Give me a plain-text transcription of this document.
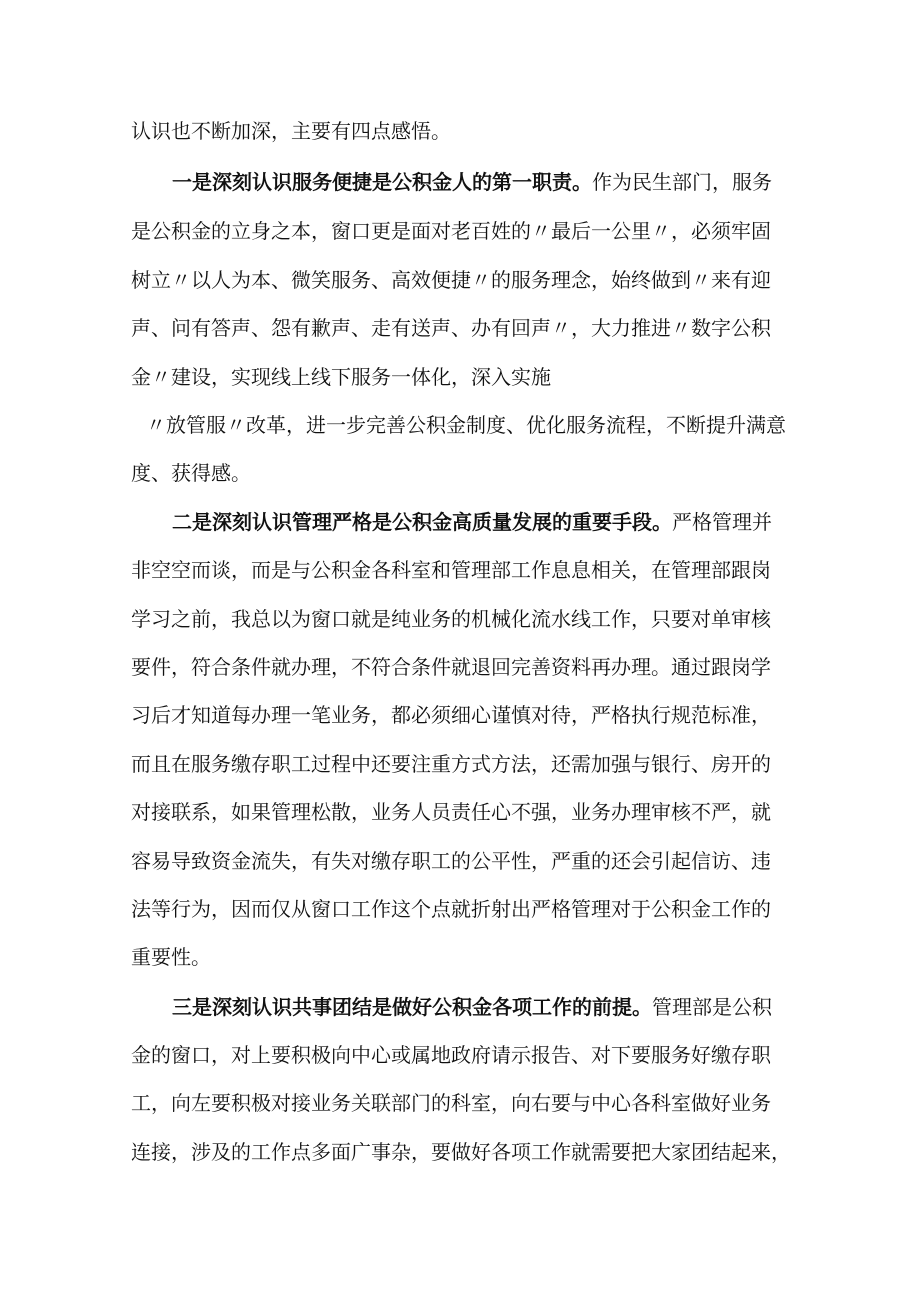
认识也不断加深，主要有四点感悟。
一是深刻认识服务便捷是公积金人的第一职责。作为民生部门，服务
是公积金的立身之本，窗口更是面对老百姓的〃最后一公里〃，必须牢固
树立〃以人为本、微笑服务、高效便捷〃的服务理念，始终做到〃来有迎
声、问有答声、怨有歉声、走有送声、办有回声〃，大力推进〃数字公积
金〃建设，实现线上线下服务一体化，深入实施
〃放管服〃改革，进一步完善公积金制度、优化服务流程，不断提升满意
度、获得感。
二是深刻认识管理严格是公积金高质量发展的重要手段。严格管理并
非空空而谈，而是与公积金各科室和管理部工作息息相关，在管理部跟岗
学习之前，我总以为窗口就是纯业务的机械化流水线工作，只要对单审核
要件，符合条件就办理，不符合条件就退回完善资料再办理。通过跟岗学
习后才知道每办理一笔业务，都必须细心谨慎对待，严格执行规范标准，
而且在服务缴存职工过程中还要注重方式方法，还需加强与银行、房开的
对接联系，如果管理松散，业务人员责任心不强，业务办理审核不严，就
容易导致资金流失，有失对缴存职工的公平性，严重的还会引起信访、违
法等行为，因而仅从窗口工作这个点就折射出严格管理对于公积金工作的
重要性。
三是深刻认识共事团结是做好公积金各项工作的前提。管理部是公积
金的窗口，对上要积极向中心或属地政府请示报告、对下要服务好缴存职
工，向左要积极对接业务关联部门的科室，向右要与中心各科室做好业务
连接，涉及的工作点多面广事杂，要做好各项工作就需要把大家团结起来，
